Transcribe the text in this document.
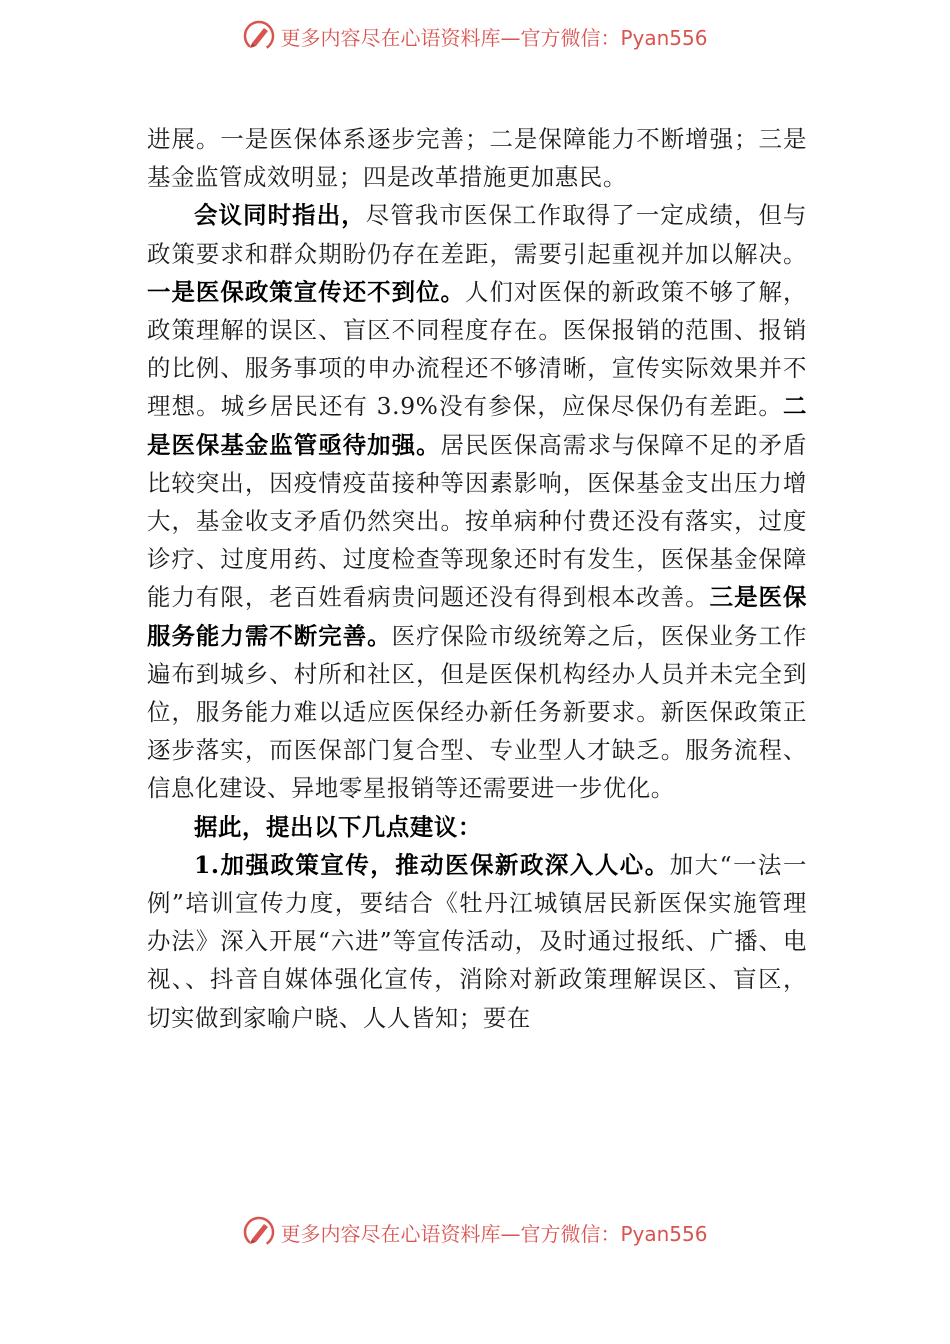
更多内容尽在心语资料库—官方微信：Pyan556

进展。一是医保体系逐步完善；二是保障能力不断增强；三是基金监管成效明显；四是改革措施更加惠民。

会议同时指出，尽管我市医保工作取得了一定成绩，但与政策要求和群众期盼仍存在差距，需要引起重视并加以解决。一是医保政策宣传还不到位。人们对医保的新政策不够了解，政策理解的误区、盲区不同程度存在。医保报销的范围、报销的比例、服务事项的申办流程还不够清晰，宣传实际效果并不理想。城乡居民还有 3.9%没有参保，应保尽保仍有差距。二是医保基金监管亟待加强。居民医保高需求与保障不足的矛盾比较突出，因疫情疫苗接种等因素影响，医保基金支出压力增大，基金收支矛盾仍然突出。按单病种付费还没有落实，过度诊疗、过度用药、过度检查等现象还时有发生，医保基金保障能力有限，老百姓看病贵问题还没有得到根本改善。三是医保服务能力需不断完善。医疗保险市级统筹之后，医保业务工作遍布到城乡、村所和社区，但是医保机构经办人员并未完全到位，服务能力难以适应医保经办新任务新要求。新医保政策正逐步落实，而医保部门复合型、专业型人才缺乏。服务流程、信息化建设、异地零星报销等还需要进一步优化。

据此，提出以下几点建议：

1.加强政策宣传，推动医保新政深入人心。加大“一法一例”培训宣传力度，要结合《牡丹江城镇居民新医保实施管理办法》深入开展“六进”等宣传活动，及时通过报纸、广播、电视、、抖音自媒体强化宣传，消除对新政策理解误区、盲区，切实做到家喻户晓、人人皆知；要在

更多内容尽在心语资料库—官方微信：Pyan556
